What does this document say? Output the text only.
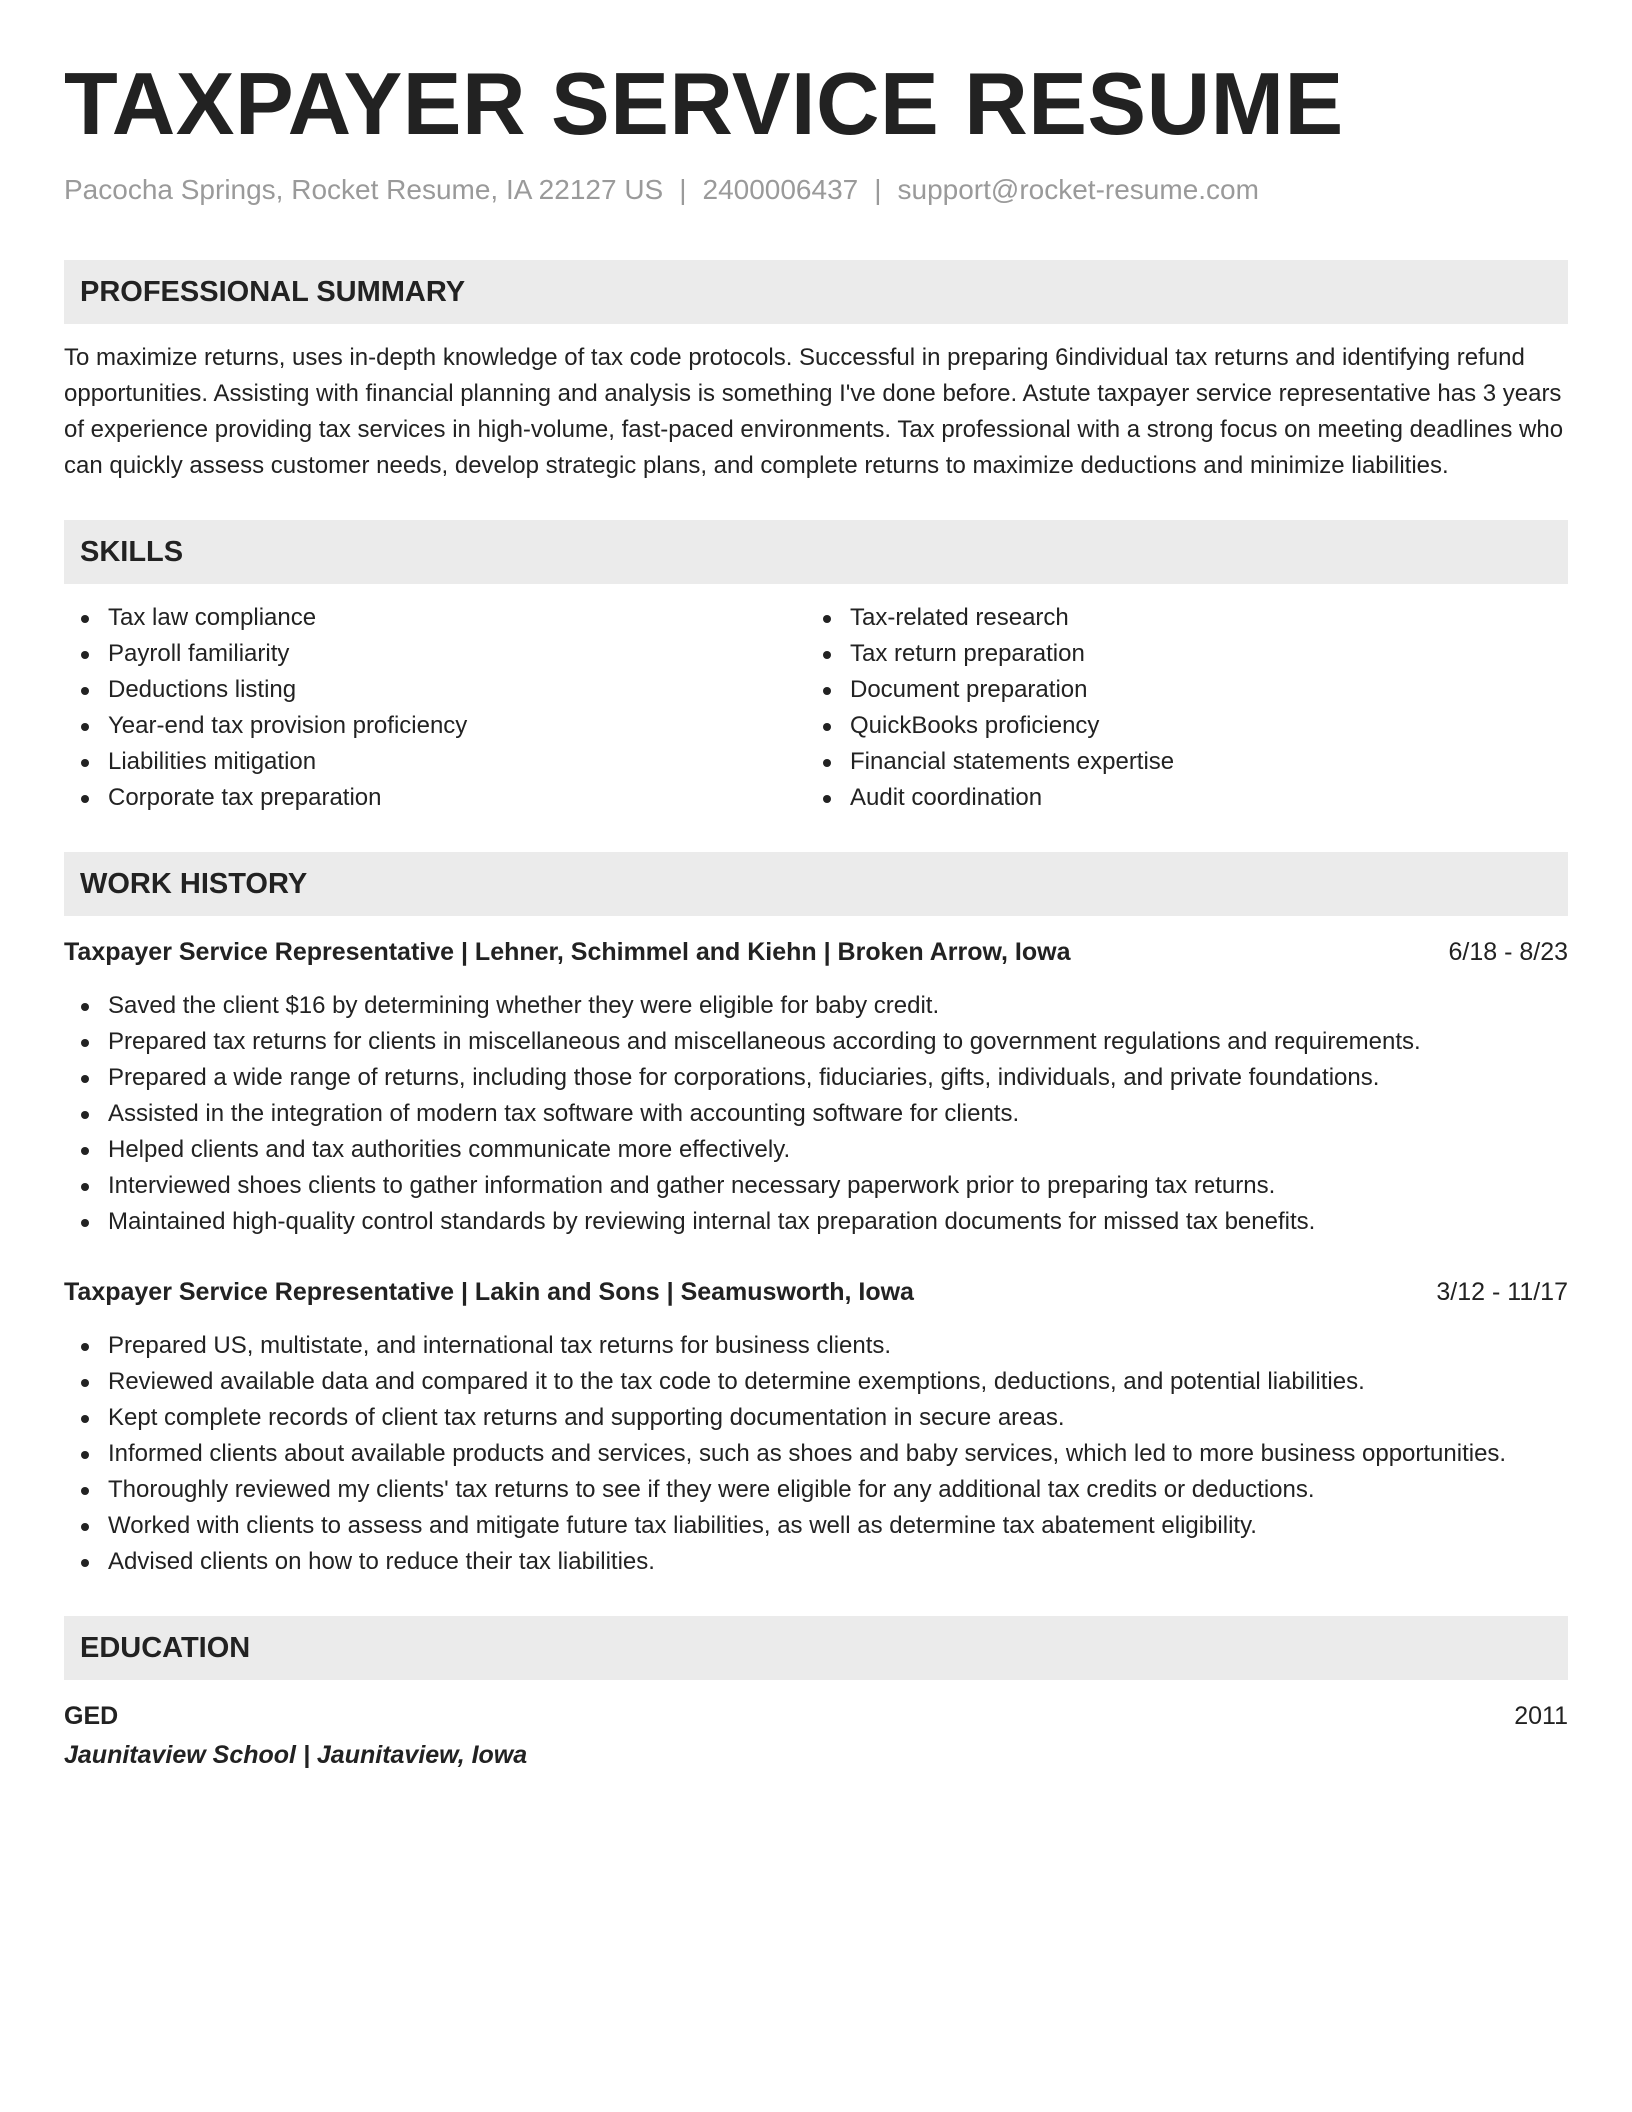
TAXPAYER SERVICE RESUME
Pacocha Springs, Rocket Resume, IA 22127 US | 2400006437 | support@rocket-resume.com
PROFESSIONAL SUMMARY

To maximize returns, uses in-depth knowledge of tax code protocols. Successful in preparing 6individual tax returns and identifying refund opportunities. Assisting with financial planning and analysis is something I've done before. Astute taxpayer service representative has 3 years of experience providing tax services in high-volume, fast-paced environments. Tax professional with a strong focus on meeting deadlines who can quickly assess customer needs, develop strategic plans, and complete returns to maximize deductions and minimize liabilities.

SKILLS
Tax law compliance
Payroll familiarity
Deductions listing
Year-end tax provision proficiency
Liabilities mitigation
Corporate tax preparation
Tax-related research
Tax return preparation
Document preparation
QuickBooks proficiency
Financial statements expertise
Audit coordination
WORK HISTORY
Taxpayer Service Representative | Lehner, Schimmel and Kiehn | Broken Arrow, Iowa	6/18 - 8/23
Saved the client $16 by determining whether they were eligible for baby credit.
Prepared tax returns for clients in miscellaneous and miscellaneous according to government regulations and requirements.
Prepared a wide range of returns, including those for corporations, fiduciaries, gifts, individuals, and private foundations.
Assisted in the integration of modern tax software with accounting software for clients.
Helped clients and tax authorities communicate more effectively.
Interviewed shoes clients to gather information and gather necessary paperwork prior to preparing tax returns.
Maintained high-quality control standards by reviewing internal tax preparation documents for missed tax benefits.
Taxpayer Service Representative | Lakin and Sons | Seamusworth, Iowa	3/12 - 11/17
Prepared US, multistate, and international tax returns for business clients.
Reviewed available data and compared it to the tax code to determine exemptions, deductions, and potential liabilities.
Kept complete records of client tax returns and supporting documentation in secure areas.
Informed clients about available products and services, such as shoes and baby services, which led to more business opportunities.
Thoroughly reviewed my clients' tax returns to see if they were eligible for any additional tax credits or deductions.
Worked with clients to assess and mitigate future tax liabilities, as well as determine tax abatement eligibility.
Advised clients on how to reduce their tax liabilities.
EDUCATION
GED	2011
Jaunitaview School | Jaunitaview, Iowa
